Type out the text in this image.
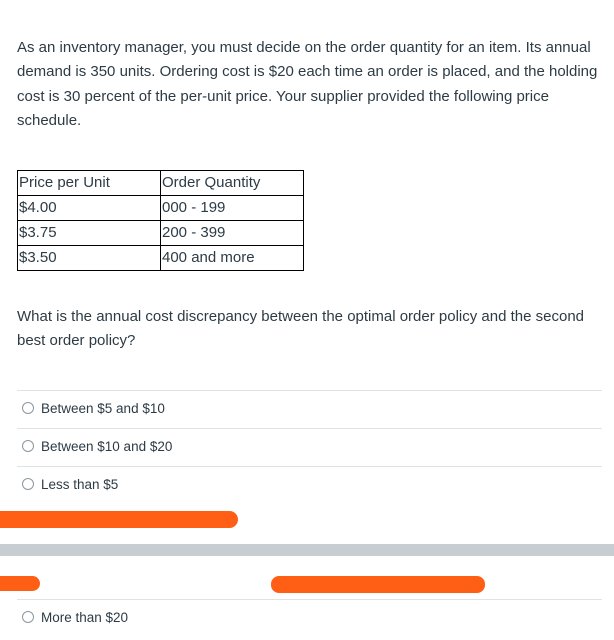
As an inventory manager, you must decide on the order quantity for an item. Its annual demand is 350 units. Ordering cost is $20 each time an order is placed, and the holding cost is 30 percent of the per-unit price. Your supplier provided the following price schedule.

Price per Unit	Order Quantity
$4.00	000 - 199
$3.75	200 - 399
$3.50	400 and more

What is the annual cost discrepancy between the optimal order policy and the second best order policy?

Between $5 and $10
Between $10 and $20
Less than $5
More than $20
